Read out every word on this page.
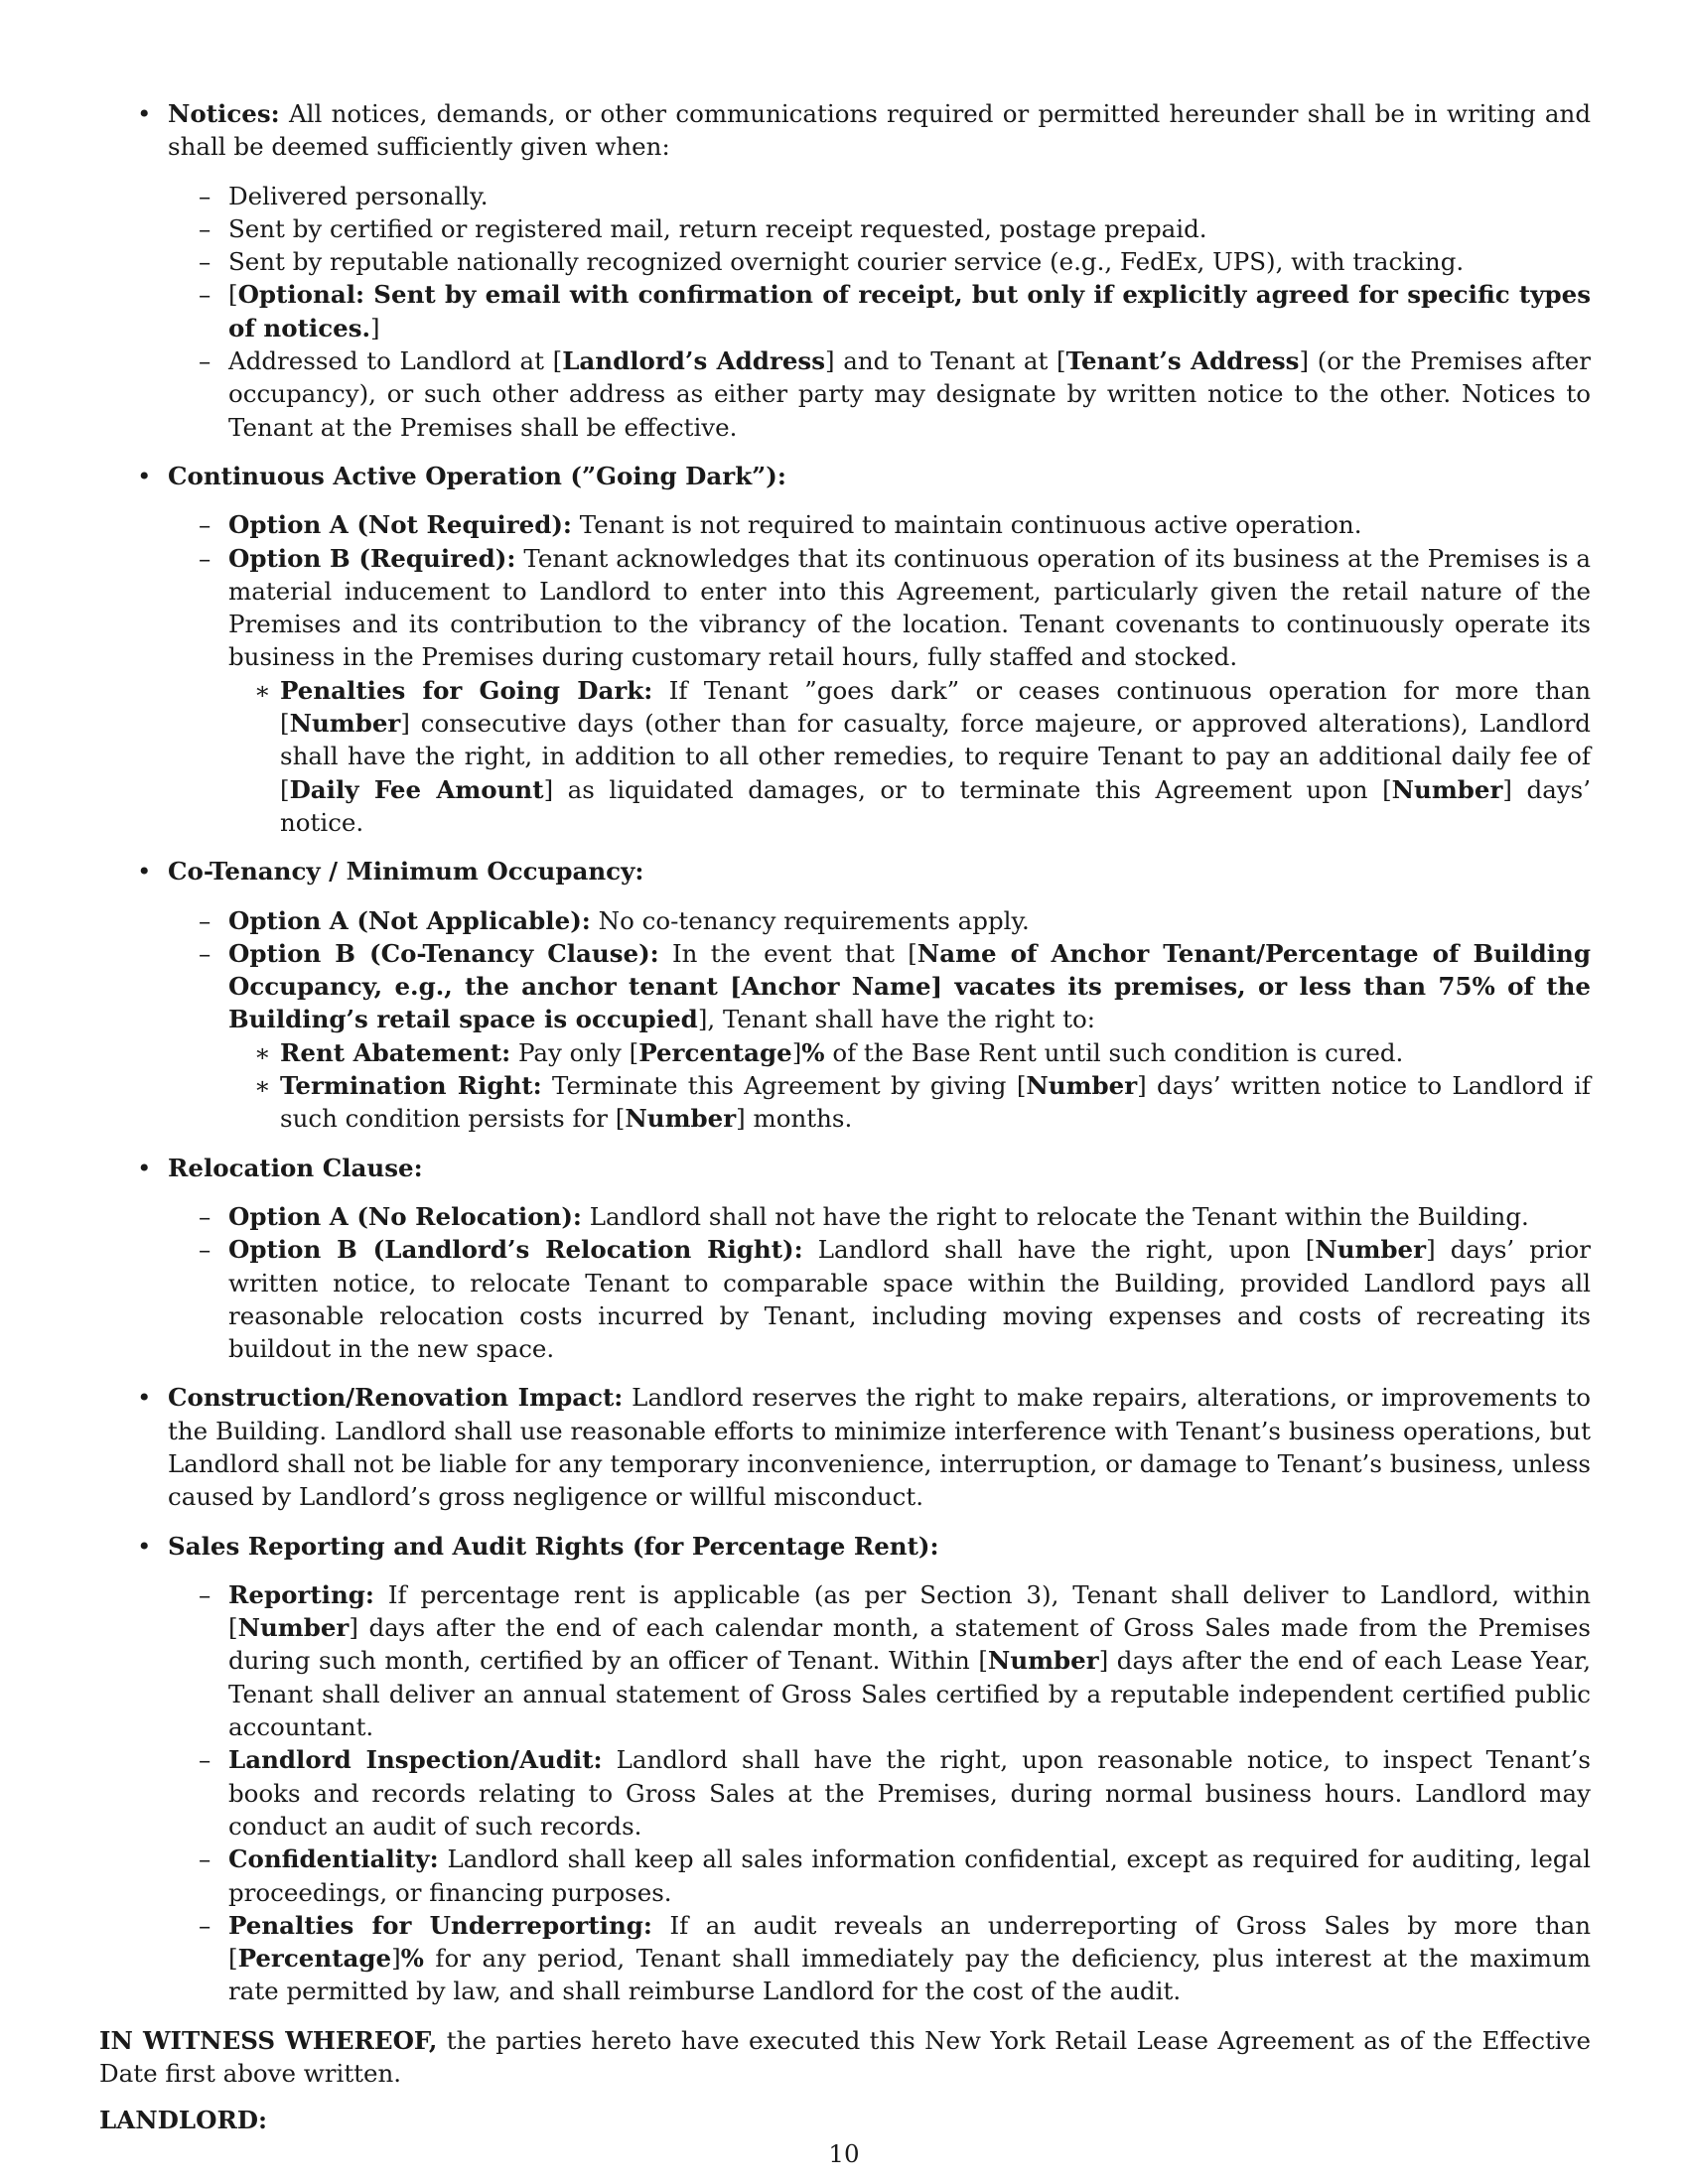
• Notices: All notices, demands, or other communications required or permitted hereunder shall be in writing and shall be deemed sufficiently given when:
– Delivered personally.
– Sent by certified or registered mail, return receipt requested, postage prepaid.
– Sent by reputable nationally recognized overnight courier service (e.g., FedEx, UPS), with tracking.
– [Optional: Sent by email with confirmation of receipt, but only if explicitly agreed for specific types of notices.]
– Addressed to Landlord at [Landlord’s Address] and to Tenant at [Tenant’s Address] (or the Premises after occupancy), or such other address as either party may designate by written notice to the other. Notices to Tenant at the Premises shall be effective.
• Continuous Active Operation (”Going Dark”):
– Option A (Not Required): Tenant is not required to maintain continuous active operation.
– Option B (Required): Tenant acknowledges that its continuous operation of its business at the Premises is a material inducement to Landlord to enter into this Agreement, particularly given the retail nature of the Premises and its contribution to the vibrancy of the location. Tenant covenants to continuously operate its business in the Premises during customary retail hours, fully staffed and stocked.
∗ Penalties for Going Dark: If Tenant ”goes dark” or ceases continuous operation for more than [Number] consecutive days (other than for casualty, force majeure, or approved alterations), Landlord shall have the right, in addition to all other remedies, to require Tenant to pay an additional daily fee of [Daily Fee Amount] as liquidated damages, or to terminate this Agreement upon [Number] days’ notice.
• Co-Tenancy / Minimum Occupancy:
– Option A (Not Applicable): No co-tenancy requirements apply.
– Option B (Co-Tenancy Clause): In the event that [Name of Anchor Tenant/Percentage of Building Occupancy, e.g., the anchor tenant [Anchor Name] vacates its premises, or less than 75% of the Building’s retail space is occupied], Tenant shall have the right to:
∗ Rent Abatement: Pay only [Percentage]% of the Base Rent until such condition is cured.
∗ Termination Right: Terminate this Agreement by giving [Number] days’ written notice to Landlord if such condition persists for [Number] months.
• Relocation Clause:
– Option A (No Relocation): Landlord shall not have the right to relocate the Tenant within the Building.
– Option B (Landlord’s Relocation Right): Landlord shall have the right, upon [Number] days’ prior written notice, to relocate Tenant to comparable space within the Building, provided Landlord pays all reasonable relocation costs incurred by Tenant, including moving expenses and costs of recreating its buildout in the new space.
• Construction/Renovation Impact: Landlord reserves the right to make repairs, alterations, or improvements to the Building. Landlord shall use reasonable efforts to minimize interference with Tenant’s business operations, but Landlord shall not be liable for any temporary inconvenience, interruption, or damage to Tenant’s business, unless caused by Landlord’s gross negligence or willful misconduct.
• Sales Reporting and Audit Rights (for Percentage Rent):
– Reporting: If percentage rent is applicable (as per Section 3), Tenant shall deliver to Landlord, within [Number] days after the end of each calendar month, a statement of Gross Sales made from the Premises during such month, certified by an officer of Tenant. Within [Number] days after the end of each Lease Year, Tenant shall deliver an annual statement of Gross Sales certified by a reputable independent certified public accountant.
– Landlord Inspection/Audit: Landlord shall have the right, upon reasonable notice, to inspect Tenant’s books and records relating to Gross Sales at the Premises, during normal business hours. Landlord may conduct an audit of such records.
– Confidentiality: Landlord shall keep all sales information confidential, except as required for auditing, legal proceedings, or financing purposes.
– Penalties for Underreporting: If an audit reveals an underreporting of Gross Sales by more than [Percentage]% for any period, Tenant shall immediately pay the deficiency, plus interest at the maximum rate permitted by law, and shall reimburse Landlord for the cost of the audit.

IN WITNESS WHEREOF, the parties hereto have executed this New York Retail Lease Agreement as of the Effective Date first above written.

LANDLORD:

10
